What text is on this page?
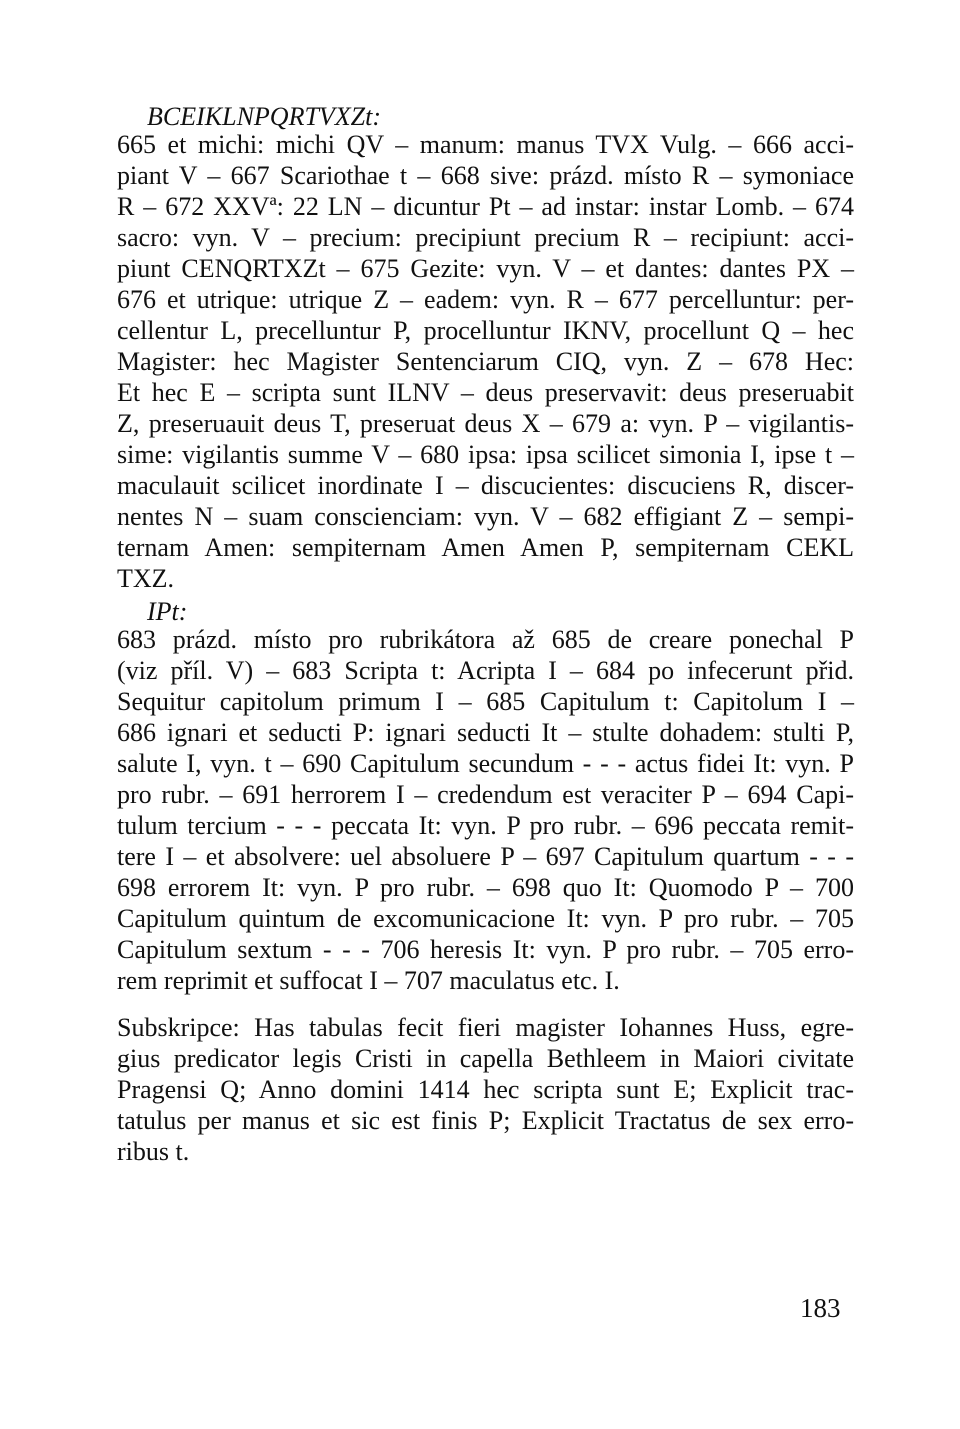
BCEIKLNPQRTVXZt:
665 et michi: michi QV – manum: manus TVX Vulg. – 666 acci-
piant V – 667 Scariothae t – 668 sive: prázd. místo R – symoniace
R – 672 XXVª: 22 LN – dicuntur Pt – ad instar: instar Lomb. – 674
sacro: vyn. V – precium: precipiunt precium R – recipiunt: acci-
piunt CENQRTXZt – 675 Gezite: vyn. V – et dantes: dantes PX –
676 et utrique: utrique Z – eadem: vyn. R – 677 percelluntur: per-
cellentur L, precelluntur P, procelluntur IKNV, procellunt Q – hec
Magister: hec Magister Sentenciarum CIQ, vyn. Z – 678 Hec:
Et hec E – scripta sunt ILNV – deus preservavit: deus preseruabit
Z, preseruauit deus T, preseruat deus X – 679 a: vyn. P – vigilantis-
sime: vigilantis summe V – 680 ipsa: ipsa scilicet simonia I, ipse t –
maculauit scilicet inordinate I – discucientes: discuciens R, discer-
nentes N – suam conscienciam: vyn. V – 682 effigiant Z – sempi-
ternam Amen: sempiternam Amen Amen P, sempiternam CEKL
TXZ.
IPt:
683 prázd. místo pro rubrikátora až 685 de creare ponechal P
(viz příl. V) – 683 Scripta t: Acripta I – 684 po infecerunt přid.
Sequitur capitolum primum I – 685 Capitulum t: Capitolum I –
686 ignari et seducti P: ignari seducti It – stulte dohadem: stulti P,
salute I, vyn. t – 690 Capitulum secundum - - - actus fidei It: vyn. P
pro rubr. – 691 herrorem I – credendum est veraciter P – 694 Capi-
tulum tercium - - - peccata It: vyn. P pro rubr. – 696 peccata remit-
tere I – et absolvere: uel absoluere P – 697 Capitulum quartum - - -
698 errorem It: vyn. P pro rubr. – 698 quo It: Quomodo P – 700
Capitulum quintum de excomunicacione It: vyn. P pro rubr. – 705
Capitulum sextum - - - 706 heresis It: vyn. P pro rubr. – 705 erro-
rem reprimit et suffocat I – 707 maculatus etc. I.
Subskripce: Has tabulas fecit fieri magister Iohannes Huss, egre-
gius predicator legis Cristi in capella Bethleem in Maiori civitate
Pragensi Q; Anno domini 1414 hec scripta sunt E; Explicit trac-
tatulus per manus et sic est finis P; Explicit Tractatus de sex erro-
ribus t.
183
